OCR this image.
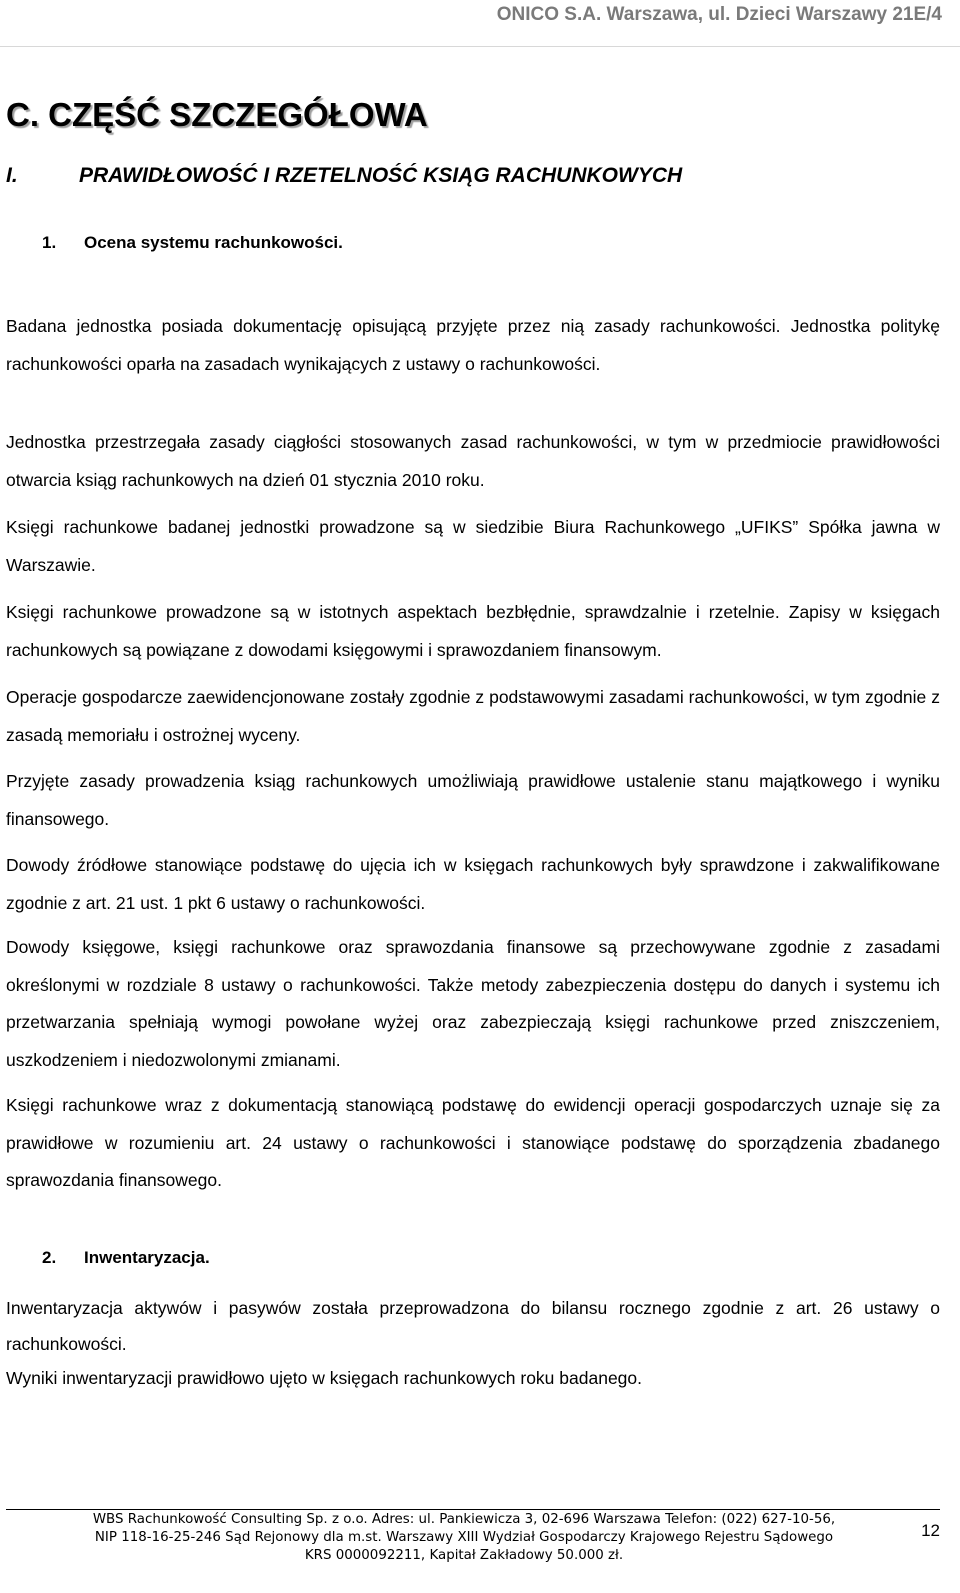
ONICO S.A. Warszawa, ul. Dzieci Warszawy 21E/4
C. CZĘŚĆ SZCZEGÓŁOWA
I.	PRAWIDŁOWOŚĆ I RZETELNOŚĆ KSIĄG RACHUNKOWYCH
1. Ocena systemu rachunkowości.
Badana jednostka posiada dokumentację opisującą przyjęte przez nią zasady rachunkowości. Jednostka politykę rachunkowości oparła na zasadach wynikających z ustawy o rachunkowości.
Jednostka przestrzegała zasady ciągłości stosowanych zasad rachunkowości, w tym w przedmiocie prawidłowości otwarcia ksiąg rachunkowych na dzień 01 stycznia 2010 roku.
Księgi rachunkowe badanej jednostki prowadzone są w siedzibie Biura Rachunkowego „UFIKS” Spółka jawna w Warszawie.
Księgi rachunkowe prowadzone są w istotnych aspektach bezbłędnie, sprawdzalnie i rzetelnie. Zapisy w księgach rachunkowych są powiązane z dowodami księgowymi i sprawozdaniem finansowym.
Operacje gospodarcze zaewidencjonowane zostały zgodnie z podstawowymi zasadami rachunkowości, w tym zgodnie z zasadą memoriału i ostrożnej wyceny.
Przyjęte zasady prowadzenia ksiąg rachunkowych umożliwiają prawidłowe ustalenie stanu majątkowego i wyniku finansowego.
Dowody źródłowe stanowiące podstawę do ujęcia ich w księgach rachunkowych były sprawdzone i zakwalifikowane zgodnie z art. 21 ust. 1 pkt 6 ustawy o rachunkowości.
Dowody księgowe, księgi rachunkowe oraz sprawozdania finansowe są przechowywane zgodnie z zasadami określonymi w rozdziale 8 ustawy o rachunkowości. Także metody zabezpieczenia dostępu do danych i systemu ich przetwarzania spełniają wymogi powołane wyżej oraz zabezpieczają księgi rachunkowe przed zniszczeniem, uszkodzeniem i niedozwolonymi zmianami.
Księgi rachunkowe wraz z dokumentacją stanowiącą podstawę do ewidencji operacji gospodarczych uznaje się za prawidłowe w rozumieniu art. 24 ustawy o rachunkowości i stanowiące podstawę do sporządzenia zbadanego sprawozdania finansowego.
2. Inwentaryzacja.
Inwentaryzacja aktywów i pasywów została przeprowadzona do bilansu rocznego zgodnie z art. 26 ustawy o rachunkowości.
Wyniki inwentaryzacji prawidłowo ujęto w księgach rachunkowych roku badanego.
WBS Rachunkowość Consulting Sp. z o.o. Adres: ul. Pankiewicza 3, 02-696 Warszawa Telefon: (022) 627-10-56,
NIP 118-16-25-246 Sąd Rejonowy dla m.st. Warszawy XIII Wydział Gospodarczy Krajowego Rejestru Sądowego
KRS 0000092211, Kapitał Zakładowy 50.000 zł.
12
